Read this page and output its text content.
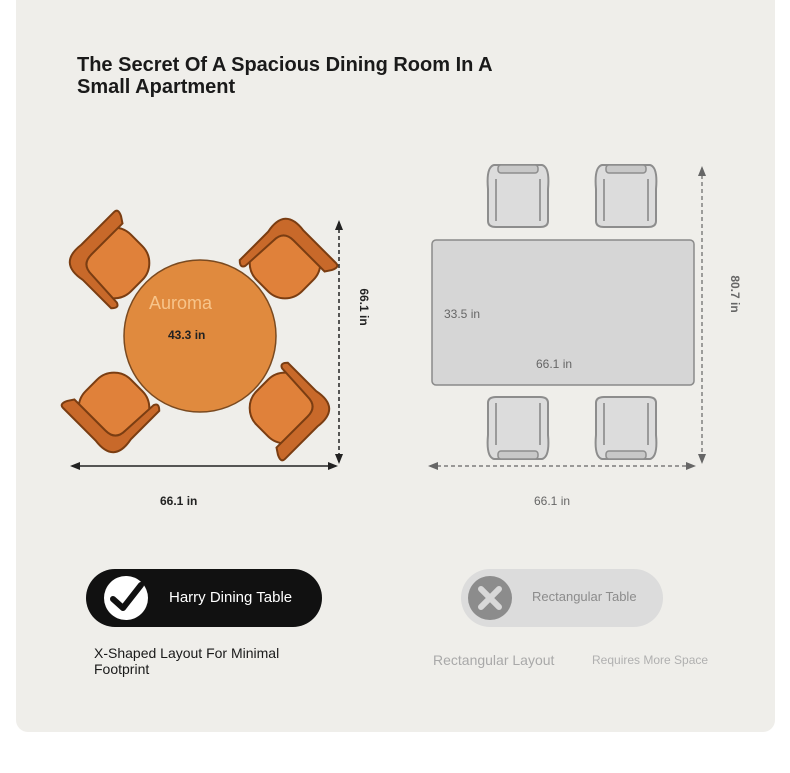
The Secret Of A Spacious Dining Room In A Small Apartment
Auroma
43.3 in
66.1 in
66.1 in	33.5 in
66.1 in
66.1 in
80.7 in
Harry Dining Table
X-Shaped Layout For Minimal Footprint
Rectangular Table
Rectangular Layout	Requires More Space
